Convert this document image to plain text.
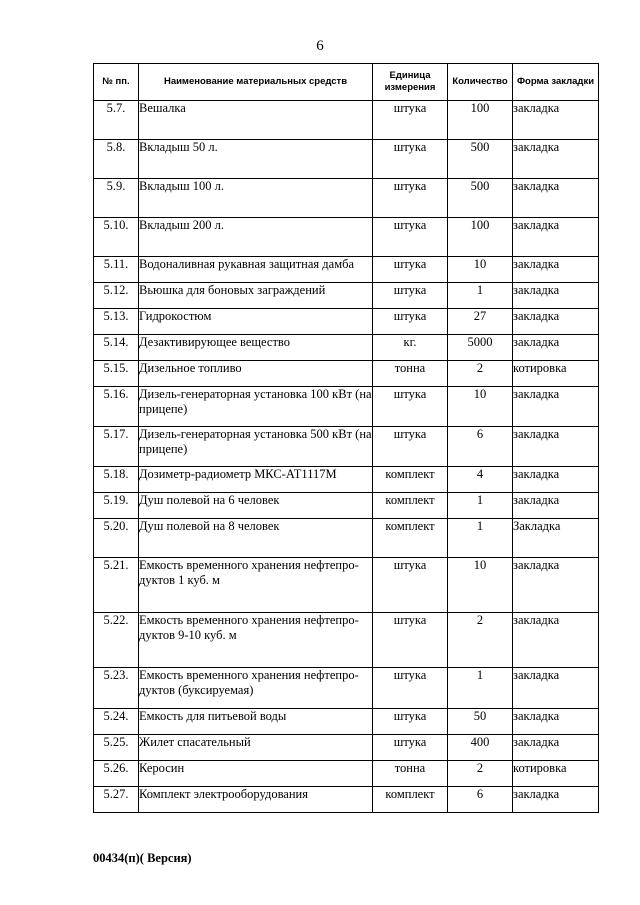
6
№ пп.	Наименование материальных средств	Единица измерения	Количество	Форма закладки
5.7.	Вешалка	штука	100	закладка
5.8.	Вкладыш 50 л.	штука	500	закладка
5.9.	Вкладыш 100 л.	штука	500	закладка
5.10.	Вкладыш 200 л.	штука	100	закладка
5.11.	Водоналивная рукавная защитная дамба	штука	10	закладка
5.12.	Вьюшка для боновых заграждений	штука	1	закладка
5.13.	Гидрокостюм	штука	27	закладка
5.14.	Дезактивирующее вещество	кг.	5000	закладка
5.15.	Дизельное топливо	тонна	2	котировка
5.16.	Дизель-генераторная установка 100 кВт (на прицепе)	штука	10	закладка
5.17.	Дизель-генераторная установка 500 кВт (на прицепе)	штука	6	закладка
5.18.	Дозиметр-радиометр МКС-АТ1117М	комплект	4	закладка
5.19.	Душ полевой на 6 человек	комплект	1	закладка
5.20.	Душ полевой на 8 человек	комплект	1	Закладка
5.21.	Емкость временного хранения нефтепро-дуктов 1 куб. м	штука	10	закладка
5.22.	Емкость временного хранения нефтепро-дуктов 9-10 куб. м	штука	2	закладка
5.23.	Емкость временного хранения нефтепро-дуктов (буксируемая)	штука	1	закладка
5.24.	Емкость для питьевой воды	штука	50	закладка
5.25.	Жилет спасательный	штука	400	закладка
5.26.	Керосин	тонна	2	котировка
5.27.	Комплект электрооборудования	комплект	6	закладка
00434(п)( Версия)
